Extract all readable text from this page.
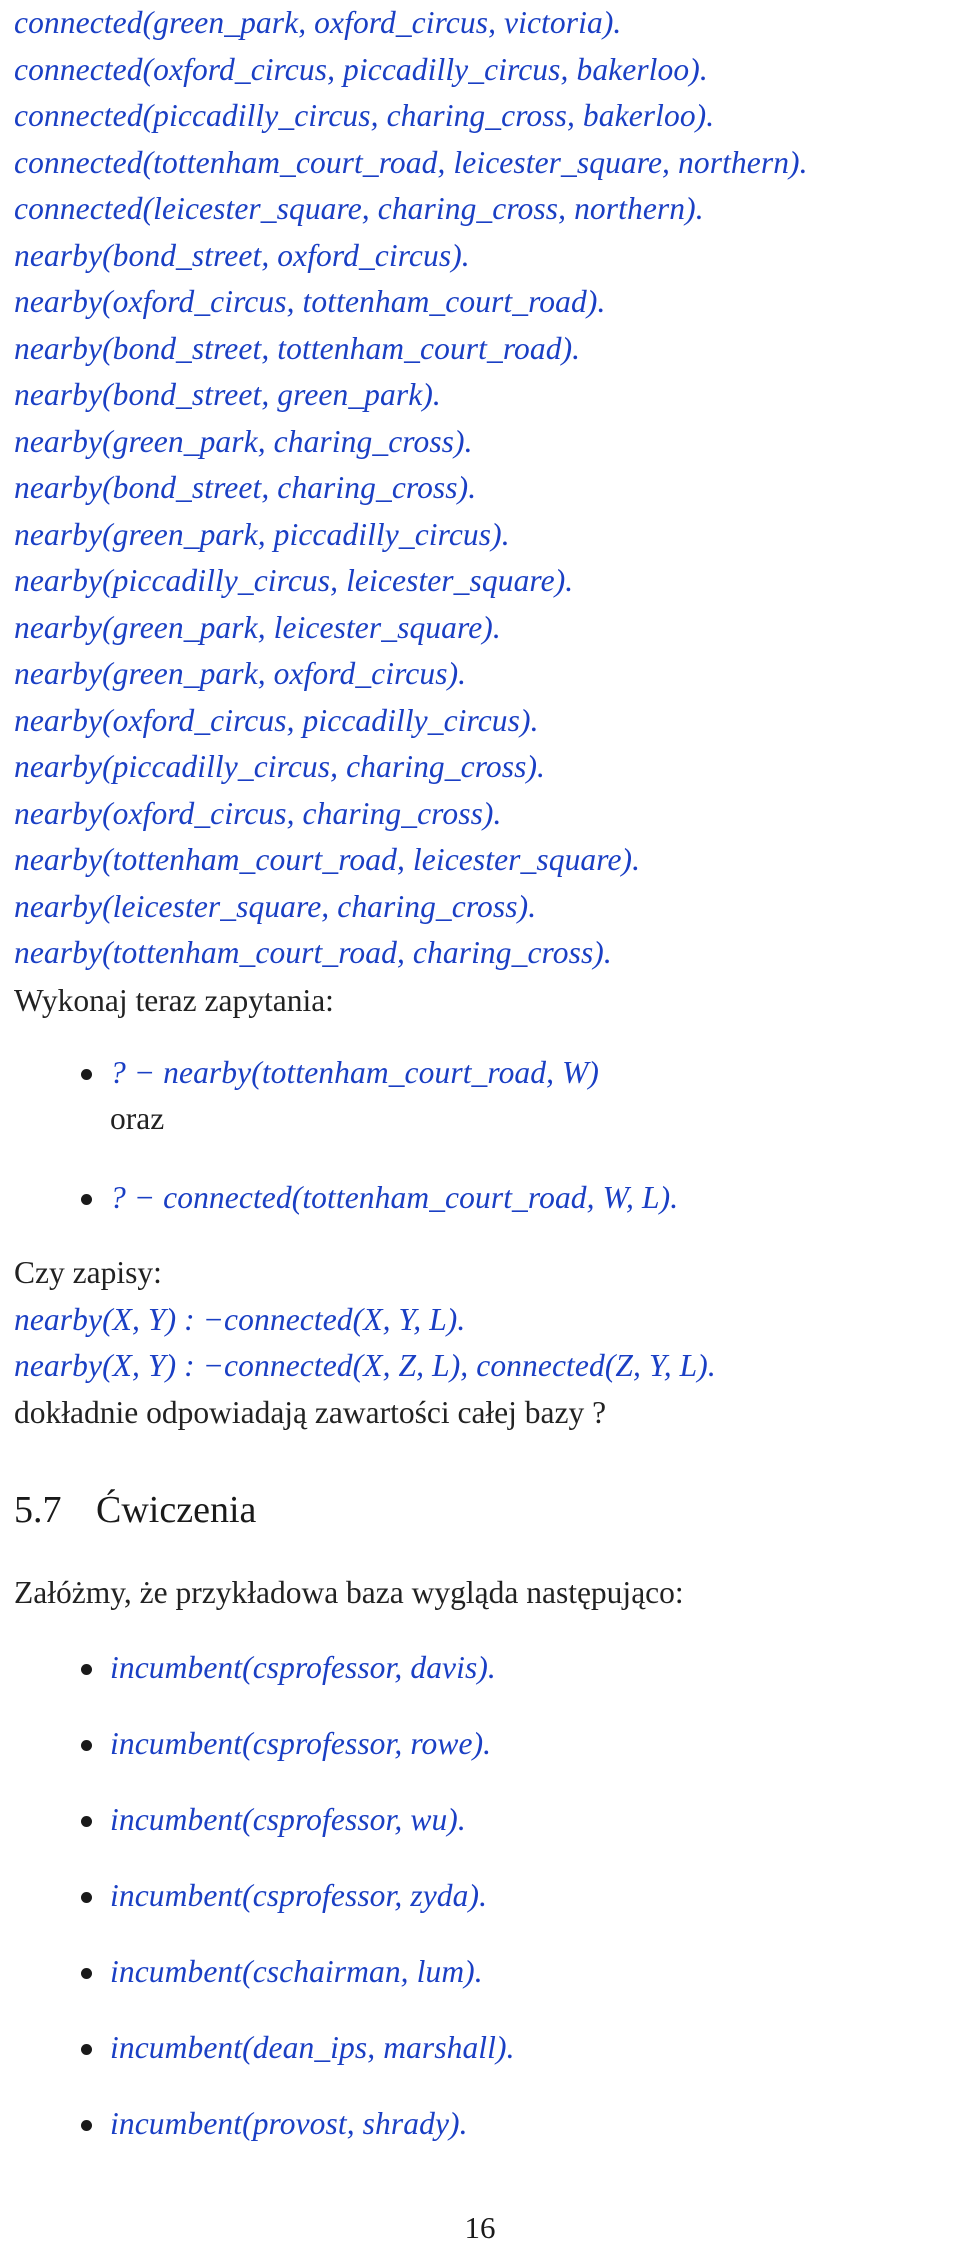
connected(green_park, oxford_circus, victoria).
connected(oxford_circus, piccadilly_circus, bakerloo).
connected(piccadilly_circus, charing_cross, bakerloo).
connected(tottenham_court_road, leicester_square, northern).
connected(leicester_square, charing_cross, northern).
nearby(bond_street, oxford_circus).
nearby(oxford_circus, tottenham_court_road).
nearby(bond_street, tottenham_court_road).
nearby(bond_street, green_park).
nearby(green_park, charing_cross).
nearby(bond_street, charing_cross).
nearby(green_park, piccadilly_circus).
nearby(piccadilly_circus, leicester_square).
nearby(green_park, leicester_square).
nearby(green_park, oxford_circus).
nearby(oxford_circus, piccadilly_circus).
nearby(piccadilly_circus, charing_cross).
nearby(oxford_circus, charing_cross).
nearby(tottenham_court_road, leicester_square).
nearby(leicester_square, charing_cross).
nearby(tottenham_court_road, charing_cross).
Wykonaj teraz zapytania:
? − nearby(tottenham_court_road, W)
oraz
? − connected(tottenham_court_road, W, L).
Czy zapisy:
nearby(X, Y) : −connected(X, Y, L).
nearby(X, Y) : −connected(X, Z, L), connected(Z, Y, L).
dokładnie odpowiadają zawartości całej bazy ?
5.7 Ćwiczenia
Załóżmy, że przykładowa baza wygląda następująco:
incumbent(csprofessor, davis).
incumbent(csprofessor, rowe).
incumbent(csprofessor, wu).
incumbent(csprofessor, zyda).
incumbent(cschairman, lum).
incumbent(dean_ips, marshall).
incumbent(provost, shrady).
16
